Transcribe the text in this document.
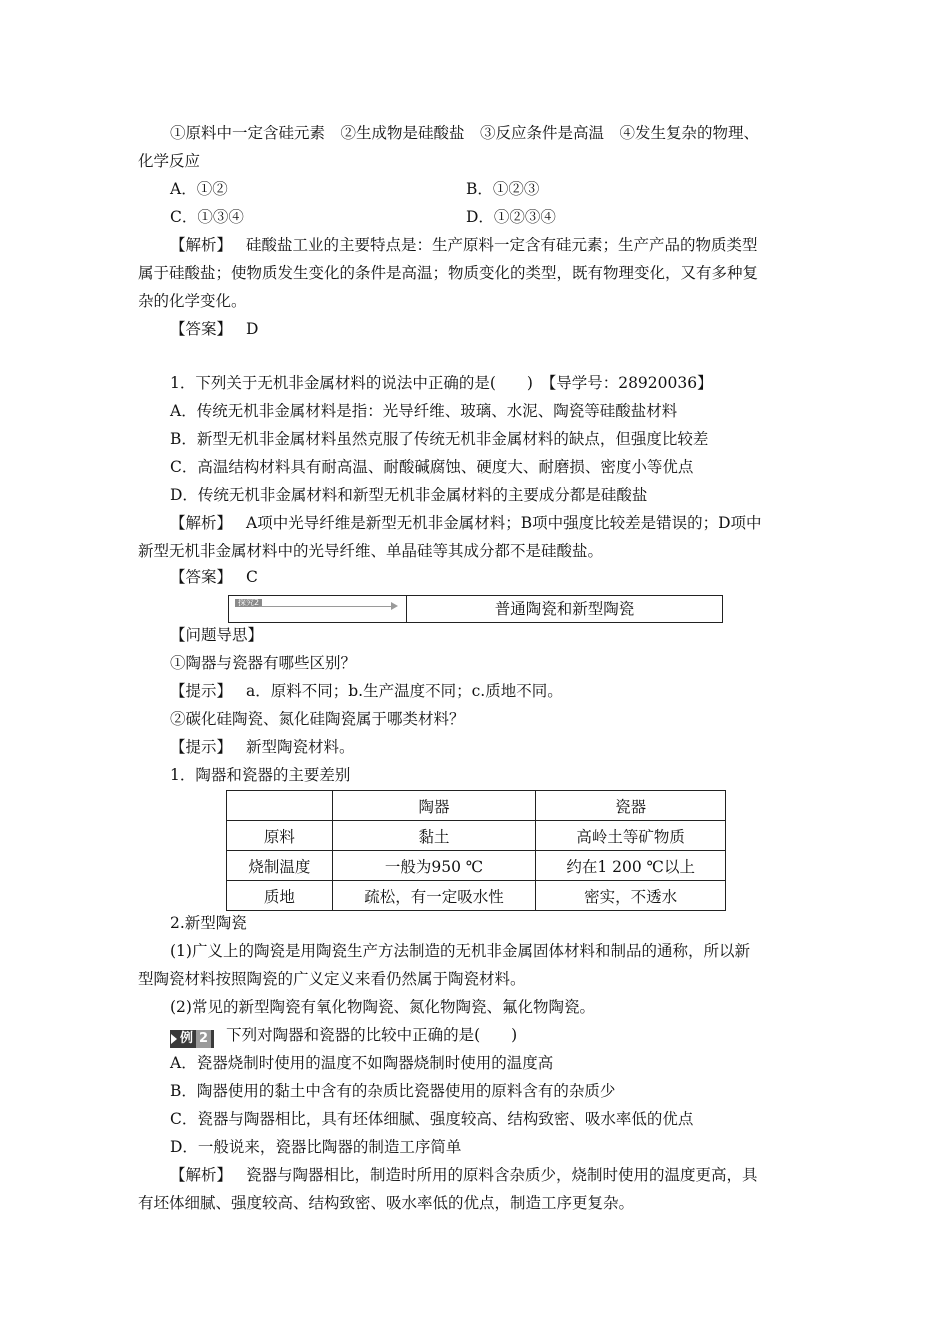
①原料中一定含硅元素　②生成物是硅酸盐　③反应条件是高温　④发生复杂的物理、
化学反应
A．①②	B．①②③
C．①③④	D．①②③④
【解析】 硅酸盐工业的主要特点是：生产原料一定含有硅元素；生产产品的物质类型
属于硅酸盐；使物质发生变化的条件是高温；物质变化的类型，既有物理变化，又有多种复
杂的化学变化。
【答案】 D
1．下列关于无机非金属材料的说法中正确的是(　　)　【导学号：28920036】
A．传统无机非金属材料是指：光导纤维、玻璃、水泥、陶瓷等硅酸盐材料
B．新型无机非金属材料虽然克服了传统无机非金属材料的缺点，但强度比较差
C．高温结构材料具有耐高温、耐酸碱腐蚀、硬度大、耐磨损、密度小等优点
D．传统无机非金属材料和新型无机非金属材料的主要成分都是硅酸盐
【解析】 A项中光导纤维是新型无机非金属材料；B项中强度比较差是错误的；D项中
新型无机非金属材料中的光导纤维、单晶硅等其成分都不是硅酸盐。
【答案】 C
探究2	普通陶瓷和新型陶瓷
【问题导思】
①陶器与瓷器有哪些区别？
【提示】 a．原料不同；b.生产温度不同；c.质地不同。
②碳化硅陶瓷、氮化硅陶瓷属于哪类材料？
【提示】 新型陶瓷材料。
1．陶器和瓷器的主要差别
	陶器	瓷器
原料	黏土	高岭土等矿物质
烧制温度	一般为950 ℃	约在1 200 ℃以上
质地	疏松，有一定吸水性	密实，不透水
2.新型陶瓷
(1)广义上的陶瓷是用陶瓷生产方法制造的无机非金属固体材料和制品的通称，所以新
型陶瓷材料按照陶瓷的广义定义来看仍然属于陶瓷材料。
(2)常见的新型陶瓷有氧化物陶瓷、氮化物陶瓷、氟化物陶瓷。
例 2 下列对陶器和瓷器的比较中正确的是(　　)
A．瓷器烧制时使用的温度不如陶器烧制时使用的温度高
B．陶器使用的黏土中含有的杂质比瓷器使用的原料含有的杂质少
C．瓷器与陶器相比，具有坯体细腻、强度较高、结构致密、吸水率低的优点
D．一般说来，瓷器比陶器的制造工序简单
【解析】 瓷器与陶器相比，制造时所用的原料含杂质少，烧制时使用的温度更高，具
有坯体细腻、强度较高、结构致密、吸水率低的优点，制造工序更复杂。
